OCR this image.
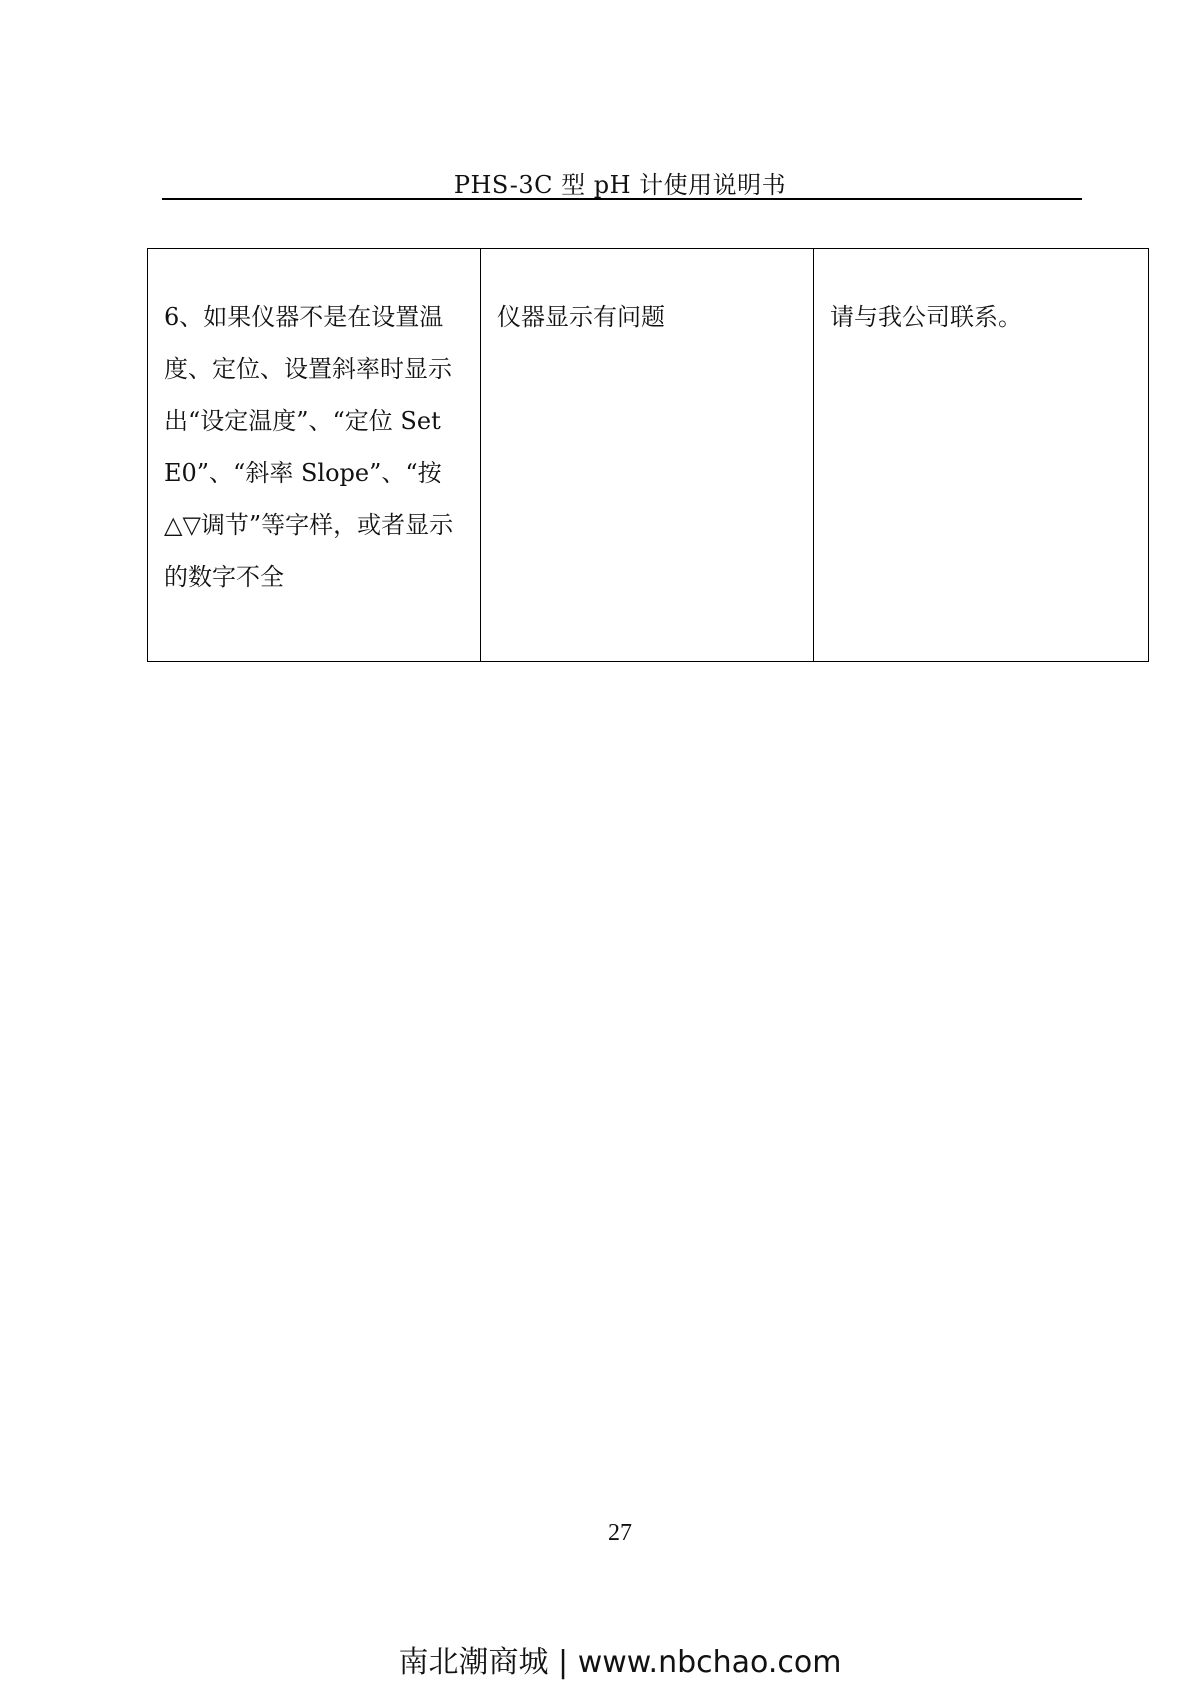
PHS-3C 型 pH 计使用说明书
6、如果仪器不是在设置温度、定位、设置斜率时显示出“设定温度”、“定位 Set E0”、“斜率 Slope”、“按△▽调节”等字样，或者显示的数字不全	仪器显示有问题	请与我公司联系。
27
南北潮商城 | www.nbchao.com
